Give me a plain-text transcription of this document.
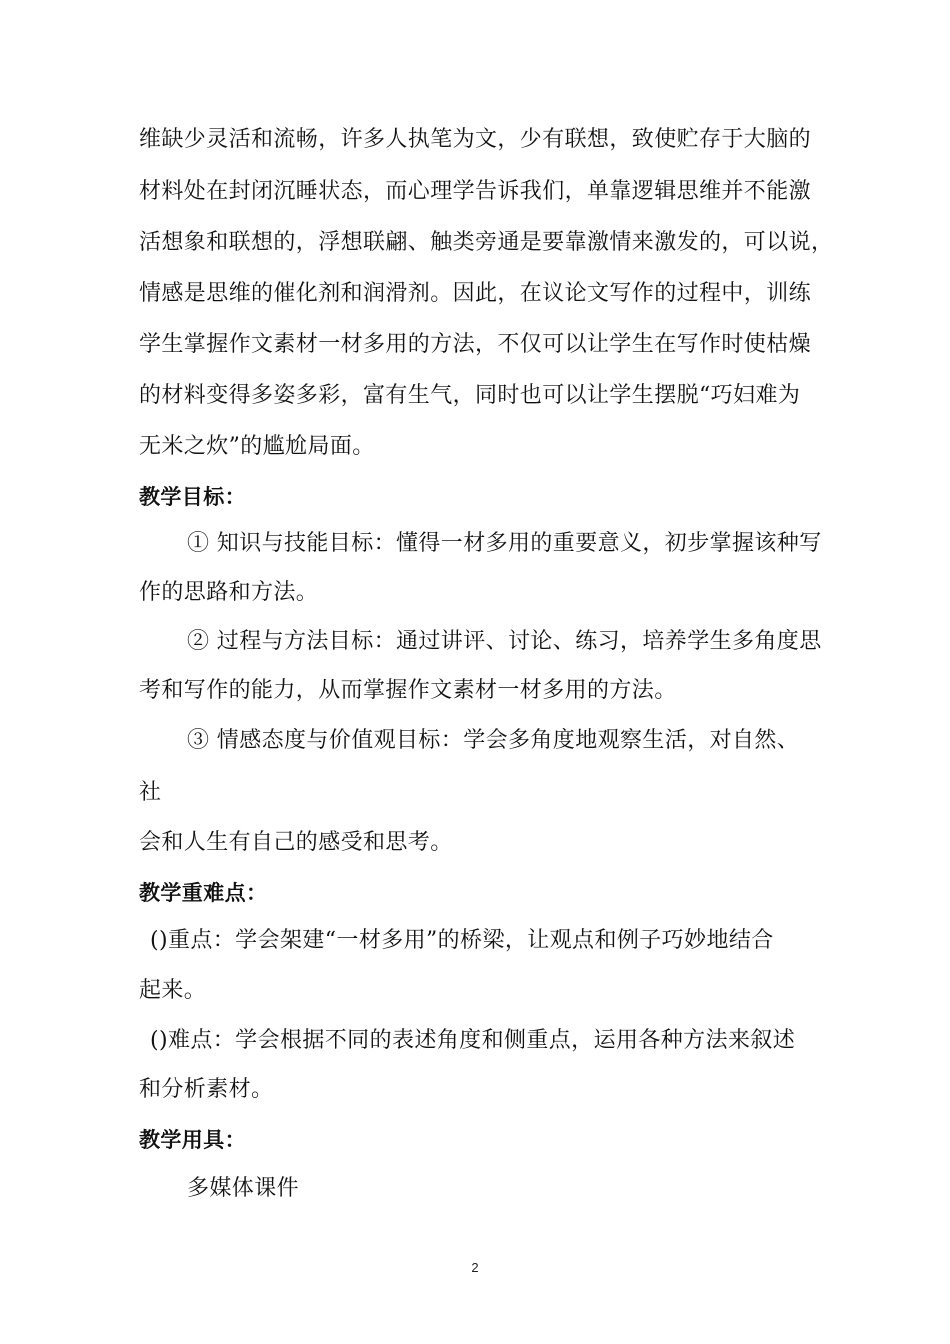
维缺少灵活和流畅，许多人执笔为文，少有联想，致使贮存于大脑的
材料处在封闭沉睡状态，而心理学告诉我们，单靠逻辑思维并不能激
活想象和联想的，浮想联翩、触类旁通是要靠激情来激发的，可以说，
情感是思维的催化剂和润滑剂。因此，在议论文写作的过程中，训练
学生掌握作文素材一材多用的方法，不仅可以让学生在写作时使枯燥
的材料变得多姿多彩，富有生气，同时也可以让学生摆脱“巧妇难为
无米之炊”的尴尬局面。
教学目标：
① 知识与技能目标：懂得一材多用的重要意义，初步掌握该种写
作的思路和方法。
② 过程与方法目标：通过讲评、讨论、练习，培养学生多角度思
考和写作的能力，从而掌握作文素材一材多用的方法。
③ 情感态度与价值观目标：学会多角度地观察生活，对自然、
社
会和人生有自己的感受和思考。
教学重难点：
()重点：学会架建“一材多用”的桥梁，让观点和例子巧妙地结合
起来。
()难点：学会根据不同的表述角度和侧重点，运用各种方法来叙述
和分析素材。
教学用具：
多媒体课件
2
